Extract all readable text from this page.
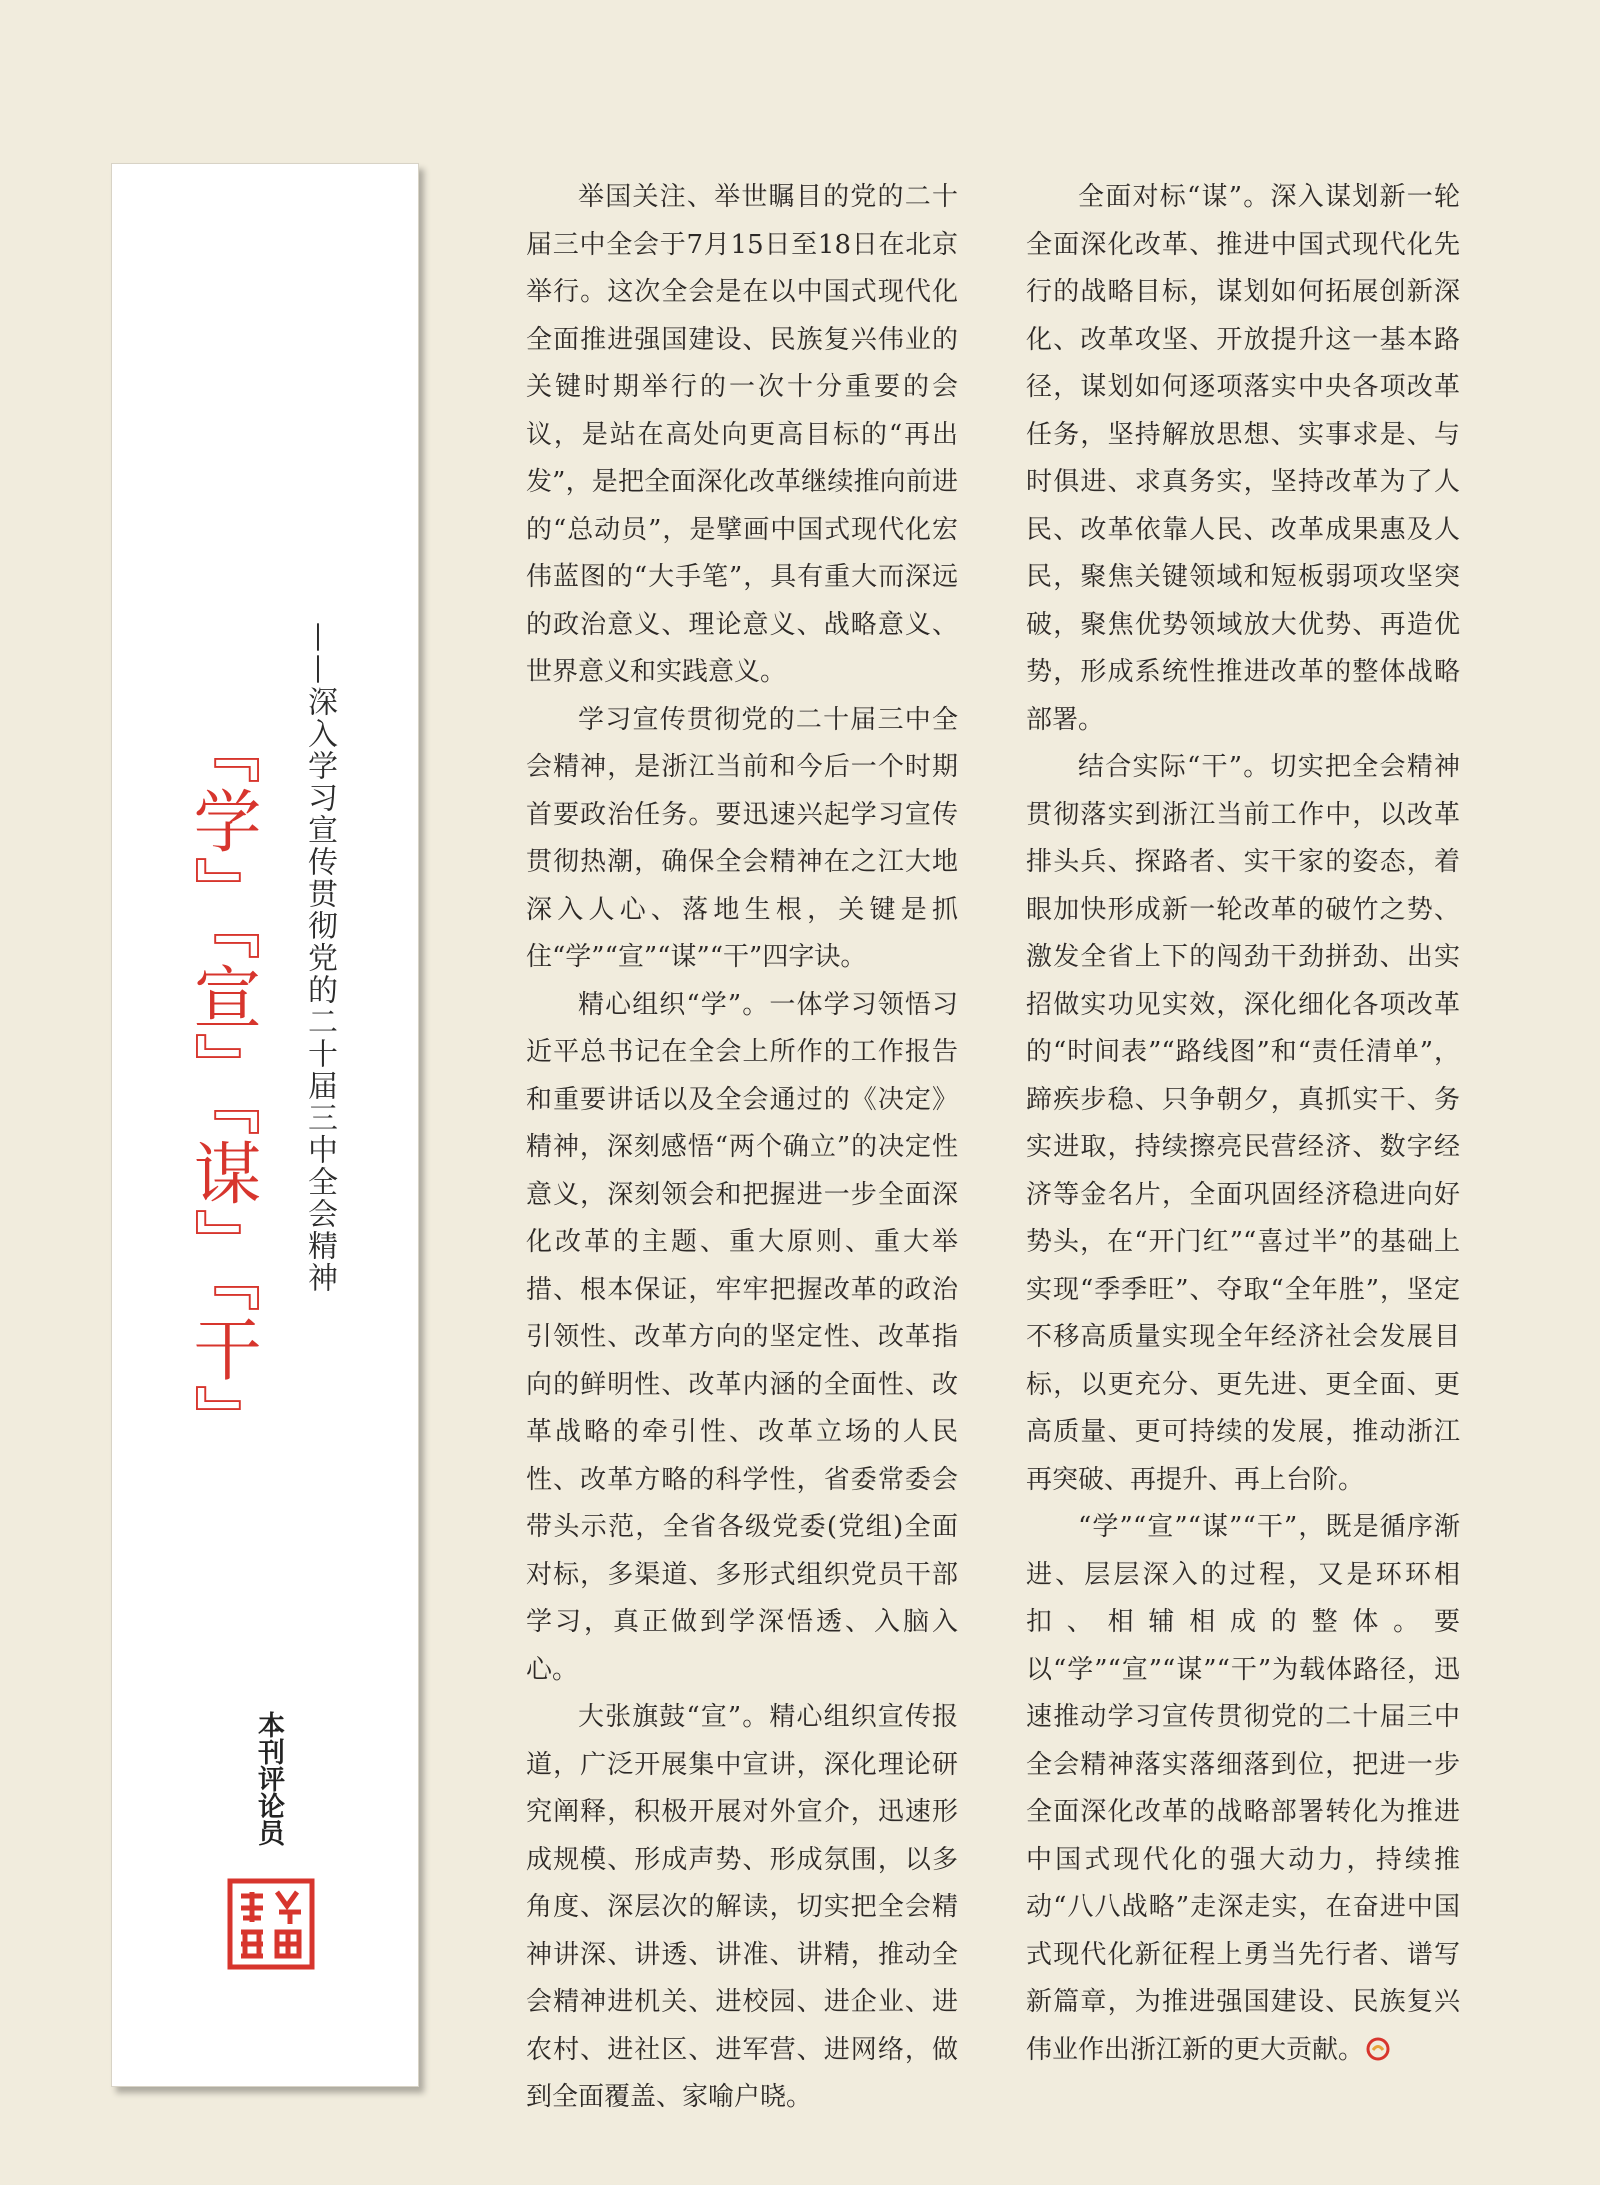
『学』『宣』『谋』『干』 ——深入学习宣传贯彻党的二十届三中全会精神
本刊评论员

举国关注、举世瞩目的党的二十届三中全会于7月15日至18日在北京举行。这次全会是在以中国式现代化全面推进强国建设、民族复兴伟业的关键时期举行的一次十分重要的会议，是站在高处向更高目标的“再出发”，是把全面深化改革继续推向前进的“总动员”，是擘画中国式现代化宏伟蓝图的“大手笔”，具有重大而深远的政治意义、理论意义、战略意义、世界意义和实践意义。

学习宣传贯彻党的二十届三中全会精神，是浙江当前和今后一个时期首要政治任务。要迅速兴起学习宣传贯彻热潮，确保全会精神在之江大地深入人心、落地生根，关键是抓住“学”“宣”“谋”“干”四字诀。

精心组织“学”。一体学习领悟习近平总书记在全会上所作的工作报告和重要讲话以及全会通过的《决定》精神，深刻感悟“两个确立”的决定性意义，深刻领会和把握进一步全面深化改革的主题、重大原则、重大举措、根本保证，牢牢把握改革的政治引领性、改革方向的坚定性、改革指向的鲜明性、改革内涵的全面性、改革战略的牵引性、改革立场的人民性、改革方略的科学性，省委常委会带头示范，全省各级党委(党组)全面对标，多渠道、多形式组织党员干部学习，真正做到学深悟透、入脑入心。

大张旗鼓“宣”。精心组织宣传报道，广泛开展集中宣讲，深化理论研究阐释，积极开展对外宣介，迅速形成规模、形成声势、形成氛围，以多角度、深层次的解读，切实把全会精神讲深、讲透、讲准、讲精，推动全会精神进机关、进校园、进企业、进农村、进社区、进军营、进网络，做到全面覆盖、家喻户晓。

全面对标“谋”。深入谋划新一轮全面深化改革、推进中国式现代化先行的战略目标，谋划如何拓展创新深化、改革攻坚、开放提升这一基本路径，谋划如何逐项落实中央各项改革任务，坚持解放思想、实事求是、与时俱进、求真务实，坚持改革为了人民、改革依靠人民、改革成果惠及人民，聚焦关键领域和短板弱项攻坚突破，聚焦优势领域放大优势、再造优势，形成系统性推进改革的整体战略部署。

结合实际“干”。切实把全会精神贯彻落实到浙江当前工作中，以改革排头兵、探路者、实干家的姿态，着眼加快形成新一轮改革的破竹之势、激发全省上下的闯劲干劲拼劲、出实招做实功见实效，深化细化各项改革的“时间表”“路线图”和“责任清单”，蹄疾步稳、只争朝夕，真抓实干、务实进取，持续擦亮民营经济、数字经济等金名片，全面巩固经济稳进向好势头，在“开门红”“喜过半”的基础上实现“季季旺”、夺取“全年胜”，坚定不移高质量实现全年经济社会发展目标，以更充分、更先进、更全面、更高质量、更可持续的发展，推动浙江再突破、再提升、再上台阶。

“学”“宣”“谋”“干”，既是循序渐进、层层深入的过程，又是环环相扣、相辅相成的整体。要以“学”“宣”“谋”“干”为载体路径，迅速推动学习宣传贯彻党的二十届三中全会精神落实落细落到位，把进一步全面深化改革的战略部署转化为推进中国式现代化的强大动力，持续推动“八八战略”走深走实，在奋进中国式现代化新征程上勇当先行者、谱写新篇章，为推进强国建设、民族复兴伟业作出浙江新的更大贡献。
